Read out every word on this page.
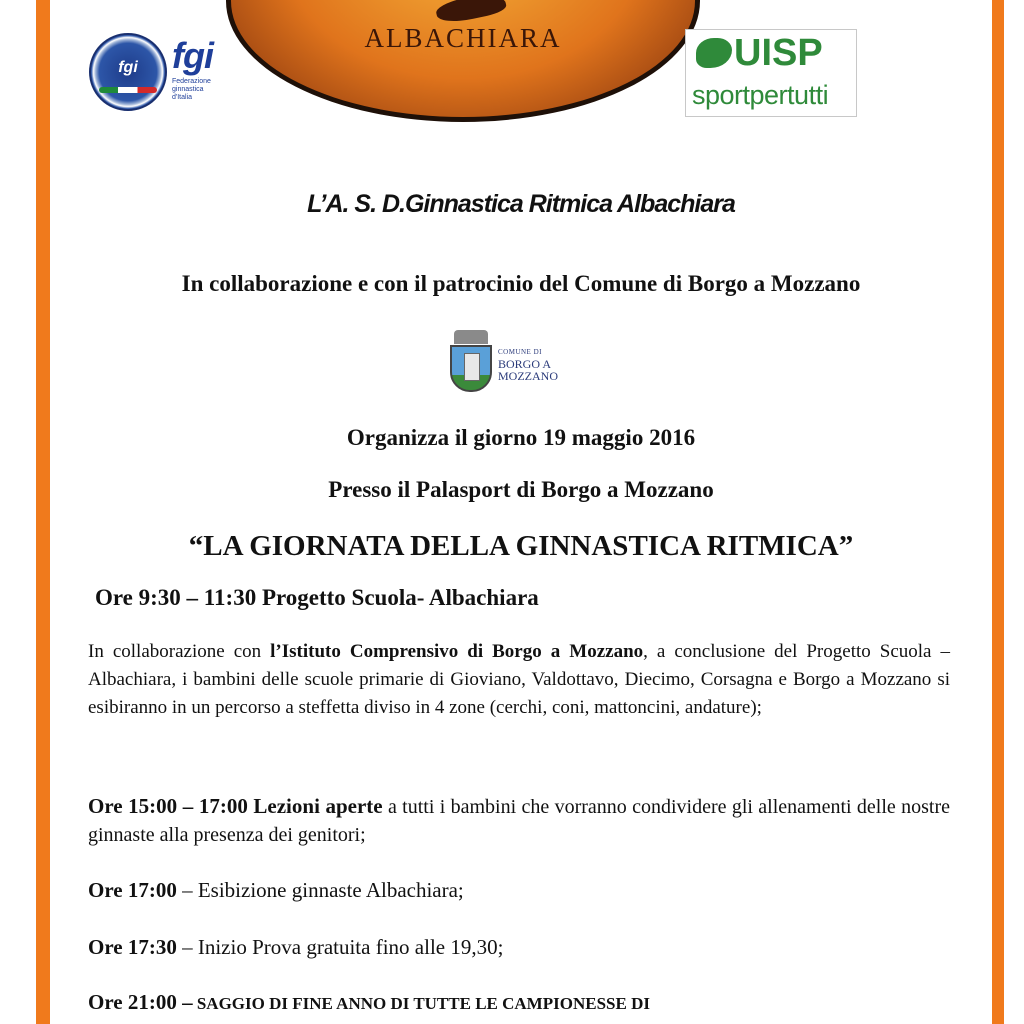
ALBACHIARA
fgi fgi
Federazione ginnastica d'Italia
UISP
sportpertutti
L’A. S. D.Ginnastica Ritmica Albachiara
In collaborazione e con il patrocinio del Comune di Borgo a Mozzano
COMUNE DI
BORGO A
MOZZANO
Organizza il giorno 19 maggio 2016
Presso il Palasport di Borgo a Mozzano
“LA GIORNATA DELLA GINNASTICA RITMICA”
Ore 9:30 – 11:30 Progetto Scuola- Albachiara
In collaborazione con l’Istituto Comprensivo di Borgo a Mozzano, a conclusione del Progetto Scuola – Albachiara, i bambini delle scuole primarie di Gioviano, Valdottavo, Diecimo, Corsagna e Borgo a Mozzano si esibiranno in un percorso a steffetta diviso in 4 zone (cerchi, coni, mattoncini, andature);
Ore 15:00 – 17:00 Lezioni aperte a tutti i bambini che vorranno condividere gli allenamenti delle nostre ginnaste alla presenza dei genitori;
Ore 17:00 – Esibizione ginnaste Albachiara;
Ore 17:30 – Inizio Prova gratuita fino alle 19,30;
Ore 21:00 – SAGGIO DI FINE ANNO DI TUTTE LE CAMPIONESSE DI
